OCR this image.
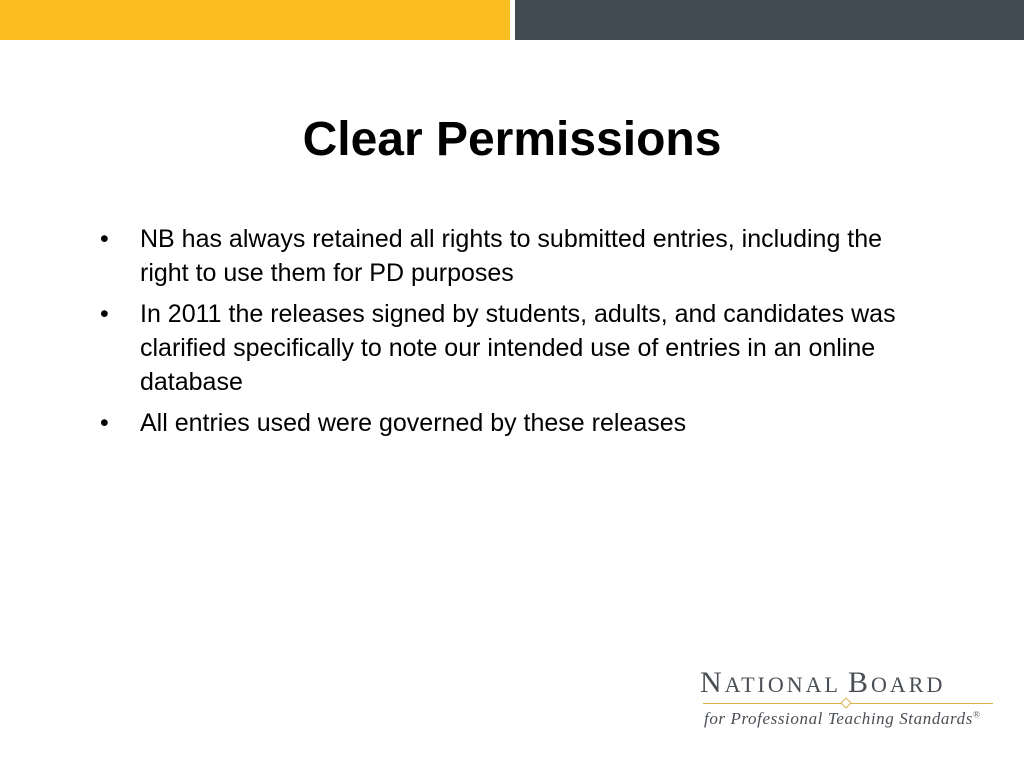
Clear Permissions
•	NB has always retained all rights to submitted entries, including the right to use them for PD purposes
•	In 2011 the releases signed by students, adults, and candidates was clarified specifically to note our intended use of entries in an online database
•	All entries used were governed by these releases
NATIONAL BOARD
for Professional Teaching Standards®
